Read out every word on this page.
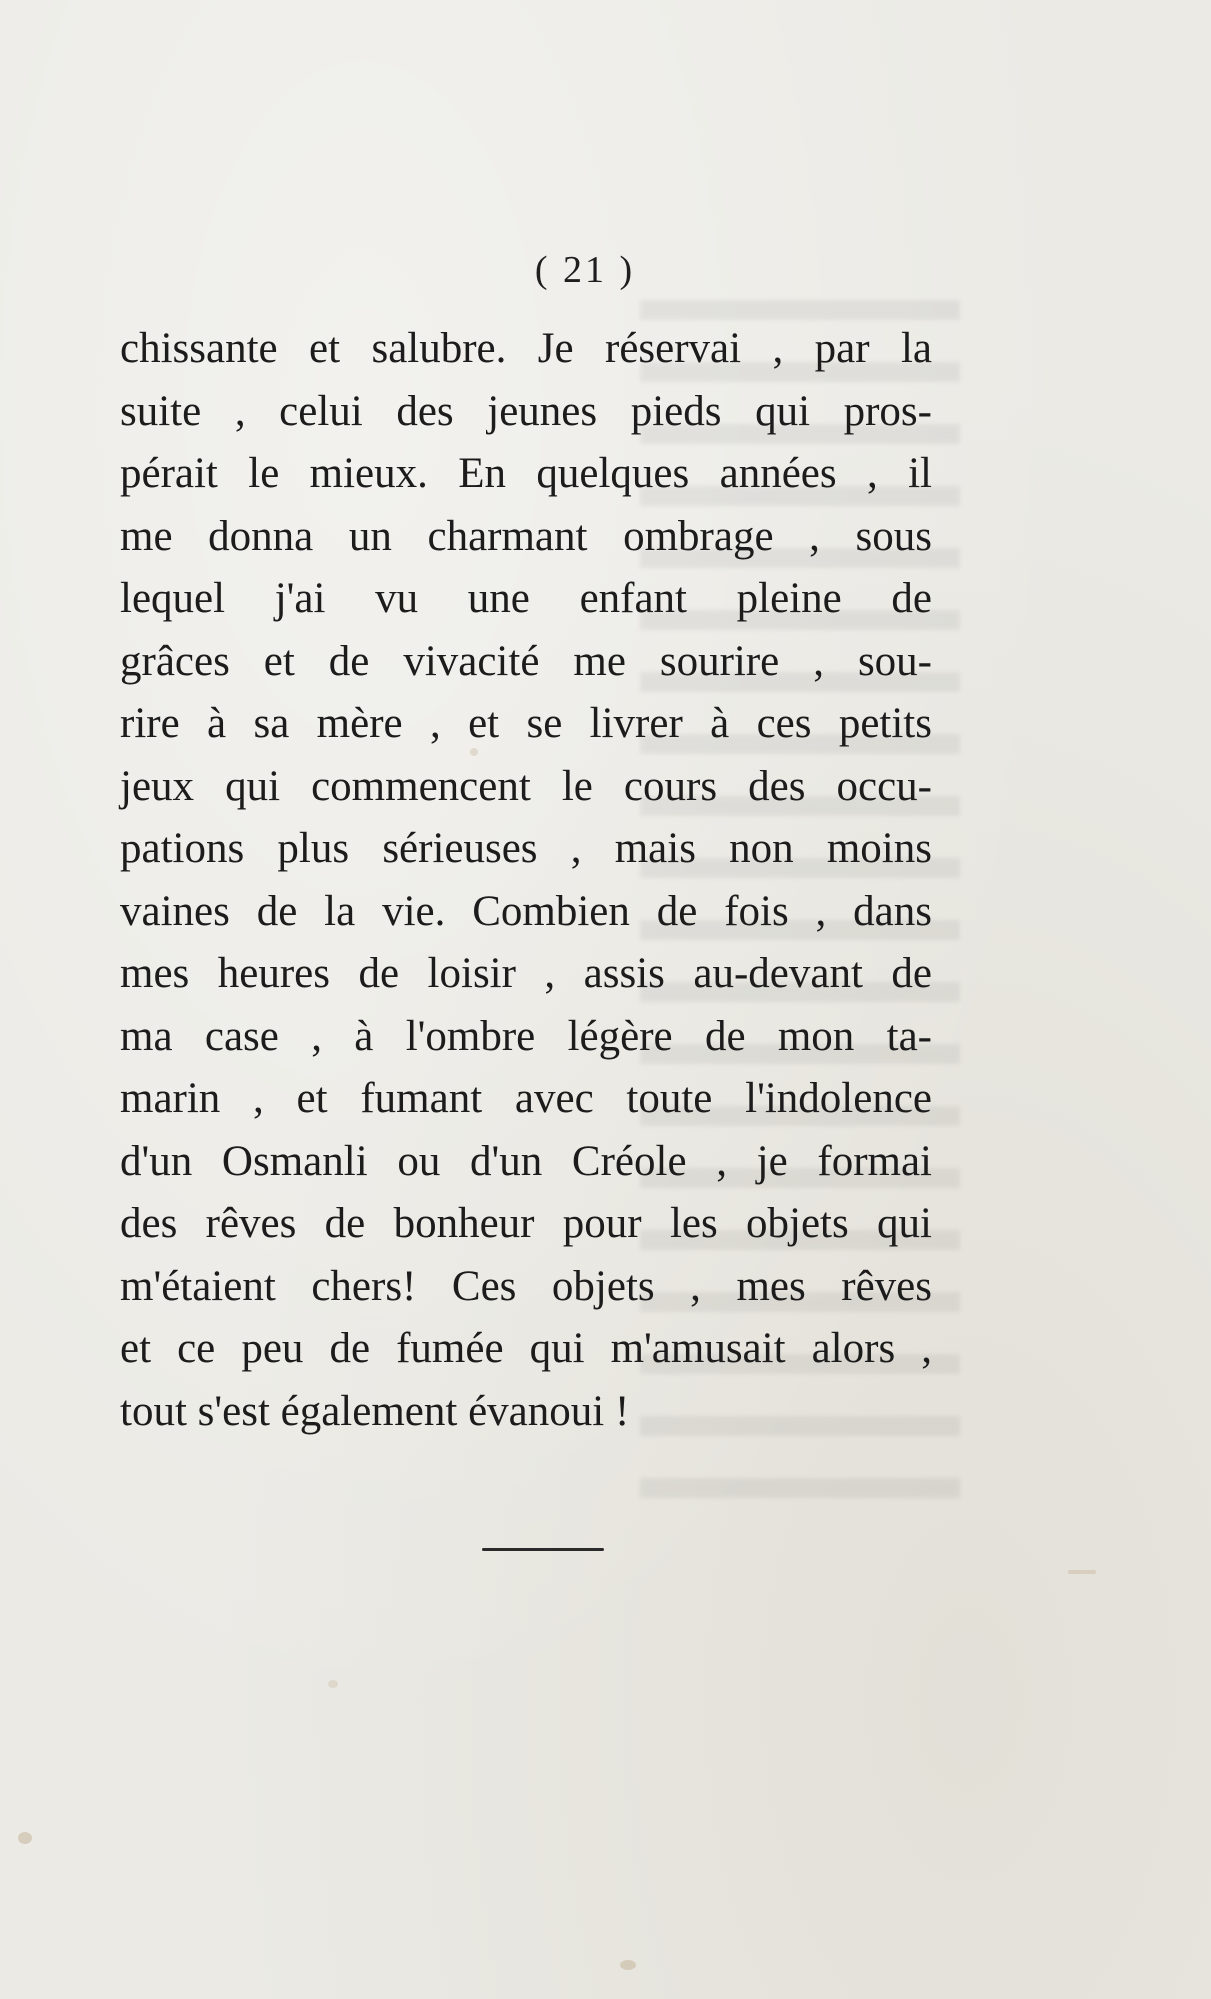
( 21 )
chissante et salubre. Je réservai , par la
suite , celui des jeunes pieds qui pros-
pérait le mieux. En quelques années , il
me donna un charmant ombrage , sous
lequel j'ai vu une enfant pleine de
grâces et de vivacité me sourire , sou-
rire à sa mère , et se livrer à ces petits
jeux qui commencent le cours des occu-
pations plus sérieuses , mais non moins
vaines de la vie. Combien de fois , dans
mes heures de loisir , assis au-devant de
ma case , à l'ombre légère de mon ta-
marin , et fumant avec toute l'indolence
d'un Osmanli ou d'un Créole , je formai
des rêves de bonheur pour les objets qui
m'étaient chers! Ces objets , mes rêves
et ce peu de fumée qui m'amusait alors ,
tout s'est également évanoui !
